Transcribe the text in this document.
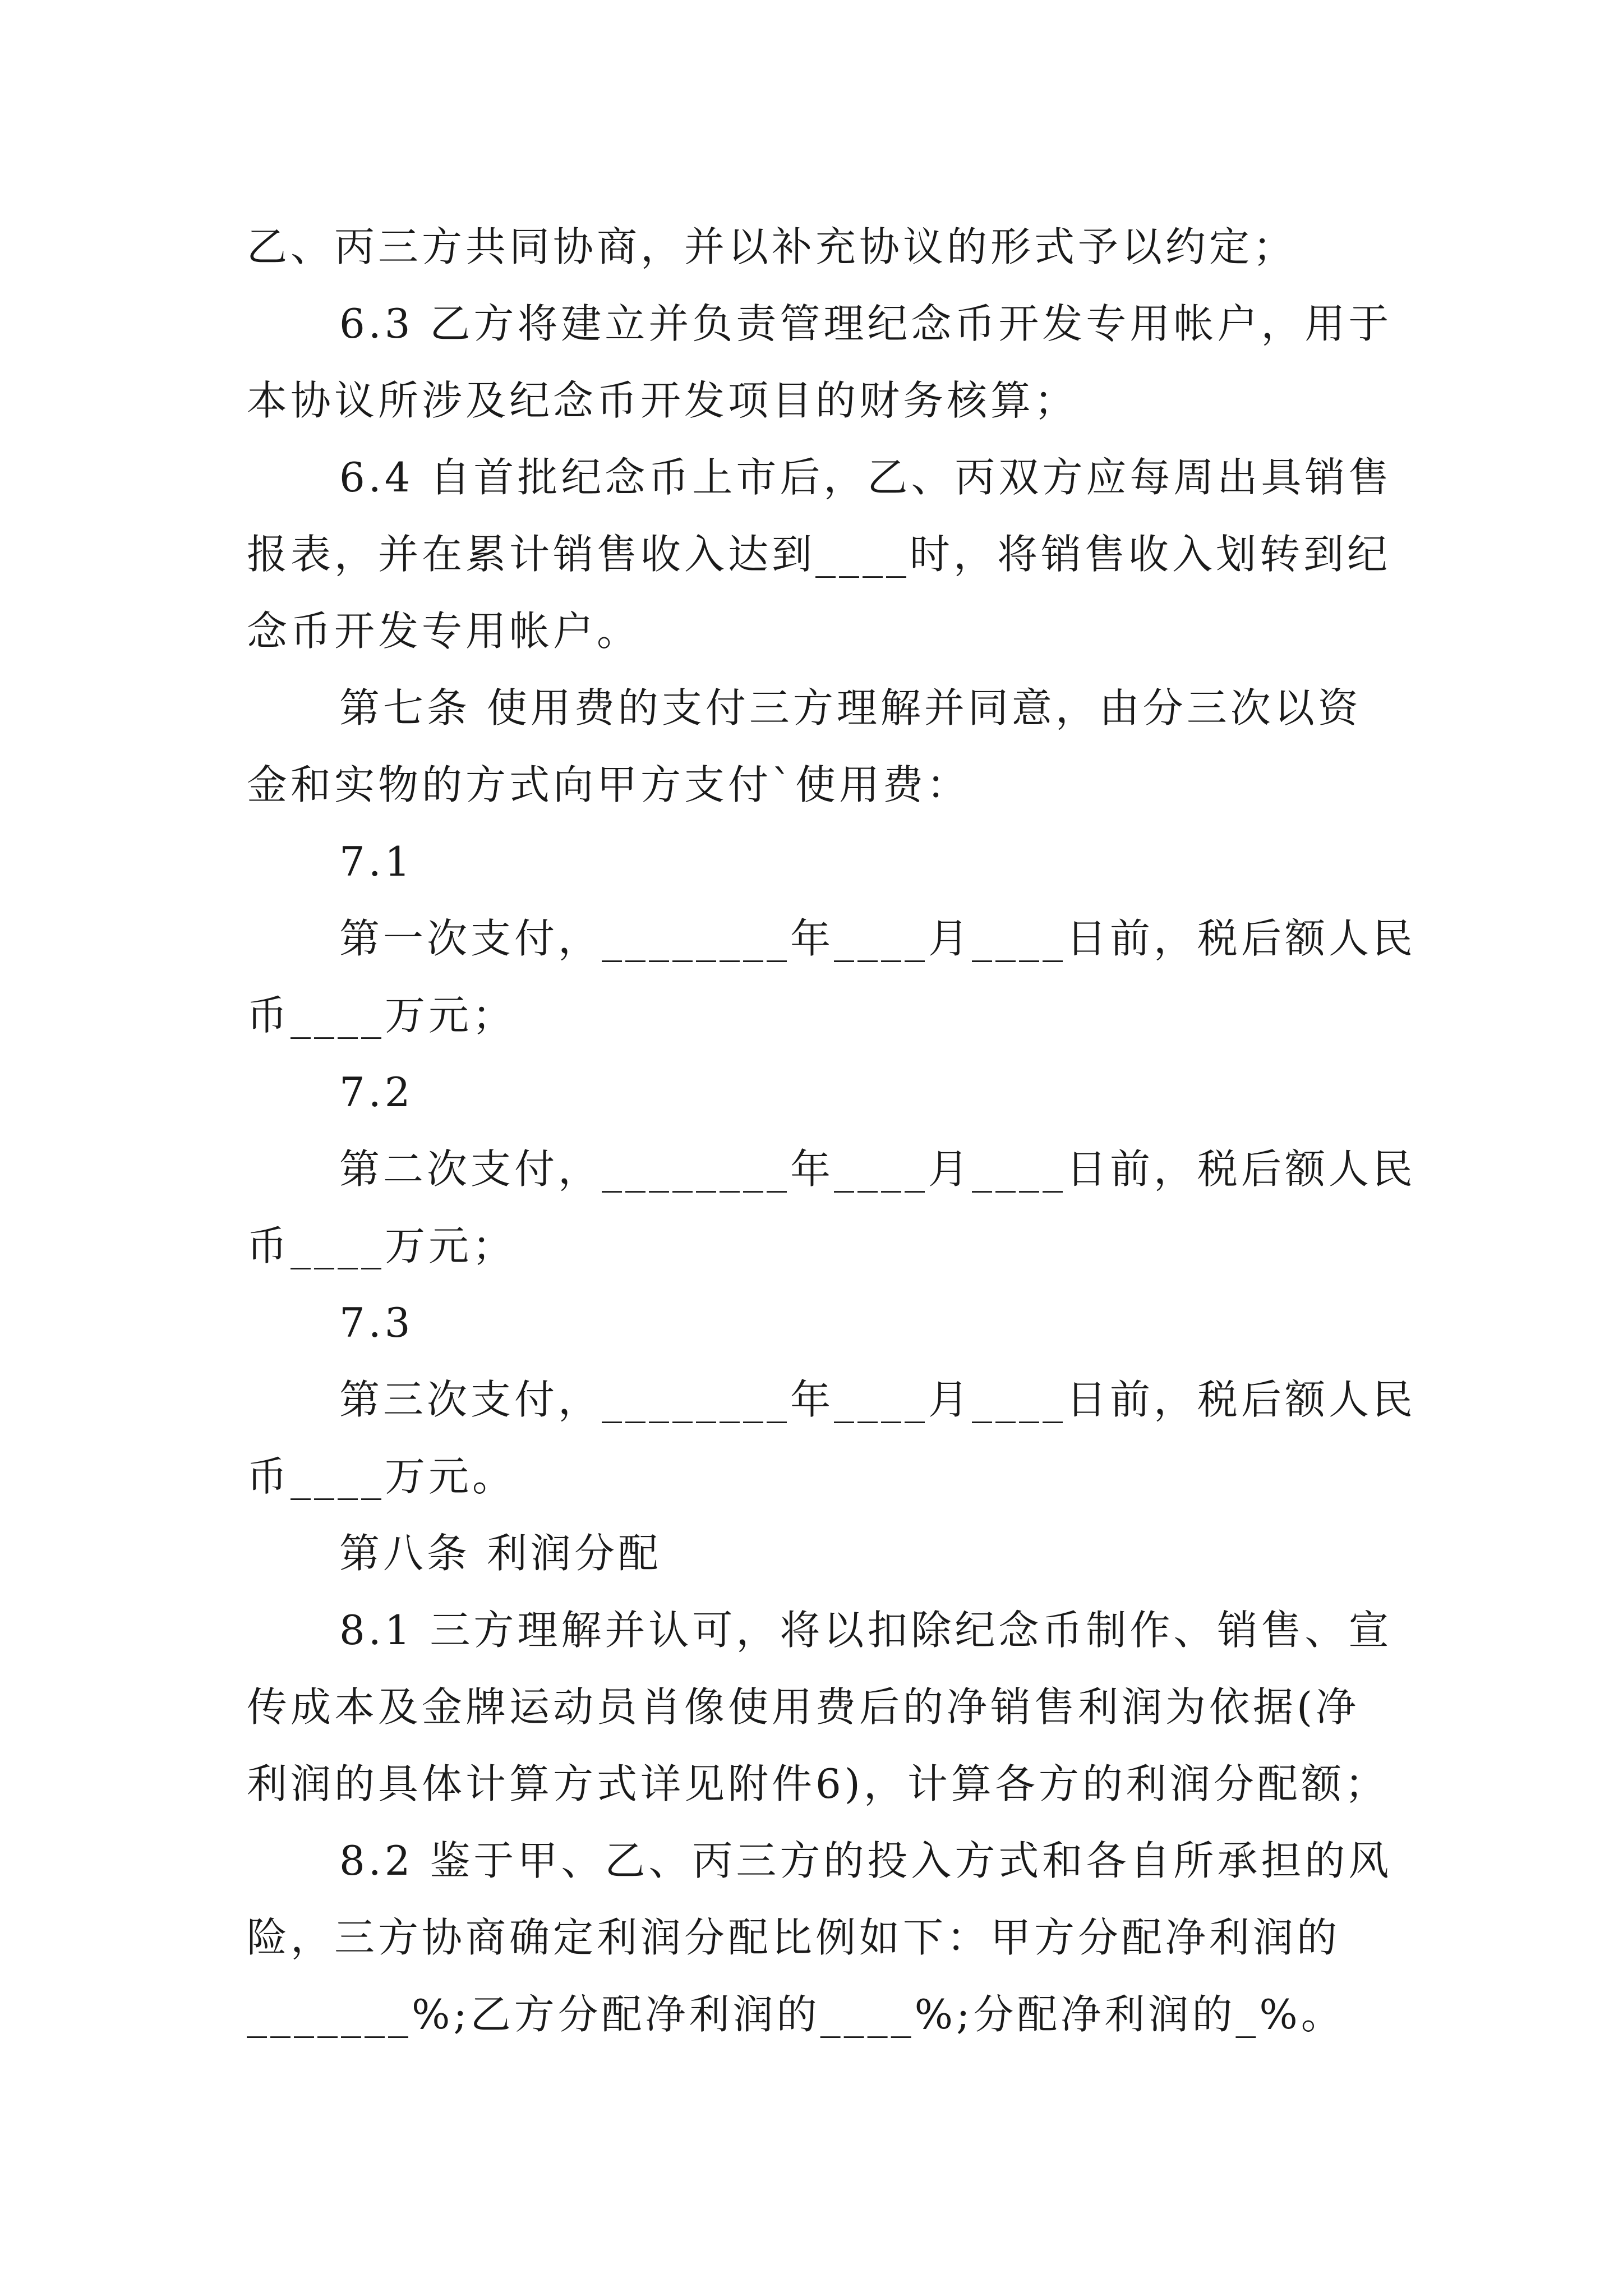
乙、丙三方共同协商，并以补充协议的形式予以约定；
6.3 乙方将建立并负责管理纪念币开发专用帐户，用于
本协议所涉及纪念币开发项目的财务核算；
6.4 自首批纪念币上市后，乙、丙双方应每周出具销售
报表，并在累计销售收入达到____时，将销售收入划转到纪
念币开发专用帐户。
第七条 使用费的支付三方理解并同意，由分三次以资
金和实物的方式向甲方支付`使用费：
7.1
第一次支付，________年____月____日前，税后额人民
币____万元；
7.2
第二次支付，________年____月____日前，税后额人民
币____万元；
7.3
第三次支付，________年____月____日前，税后额人民
币____万元。
第八条 利润分配
8.1 三方理解并认可，将以扣除纪念币制作、销售、宣
传成本及金牌运动员肖像使用费后的净销售利润为依据(净
利润的具体计算方式详见附件6)，计算各方的利润分配额；
8.2 鉴于甲、乙、丙三方的投入方式和各自所承担的风
险，三方协商确定利润分配比例如下：甲方分配净利润的
_______%;乙方分配净利润的____%;分配净利润的_%。
